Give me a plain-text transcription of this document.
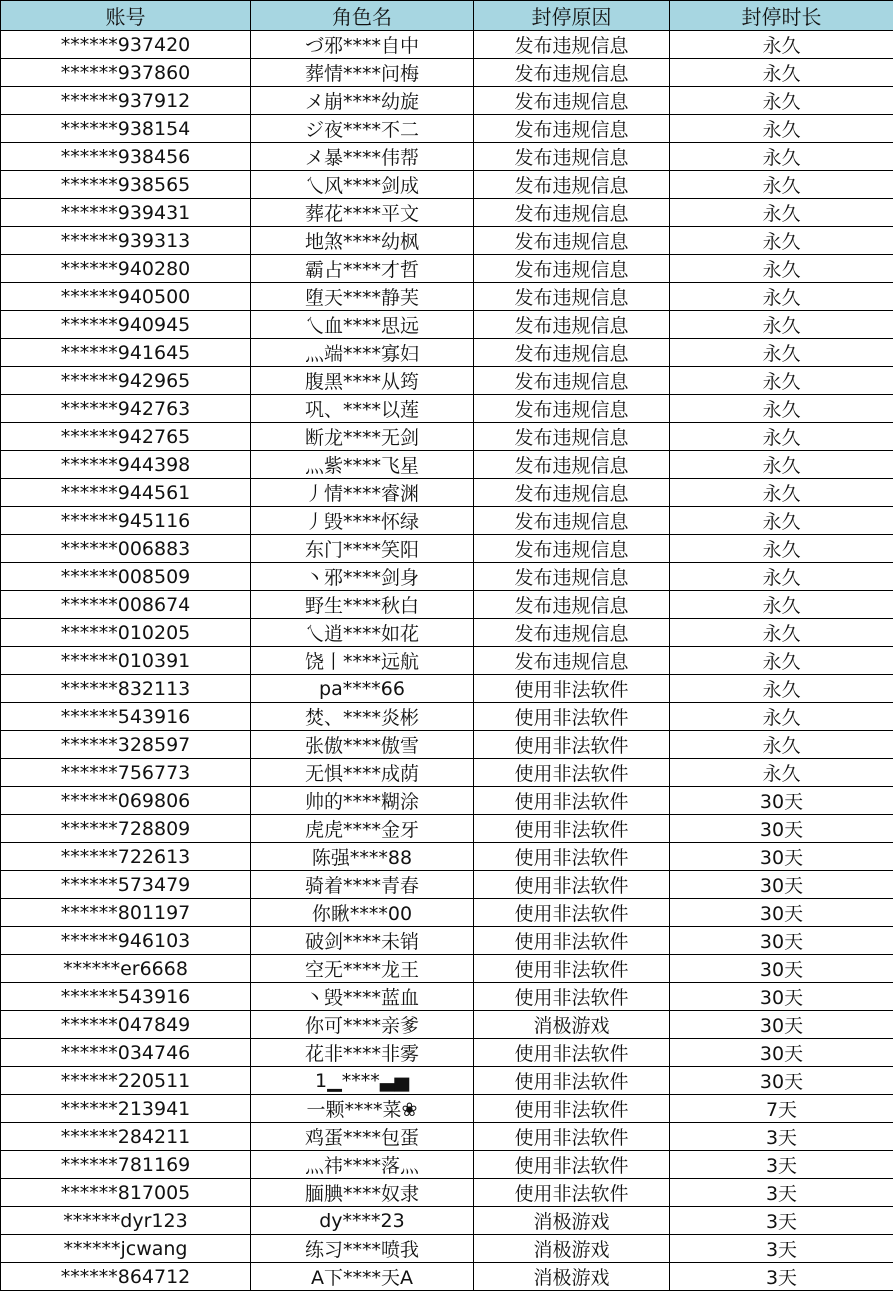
账号	角色名	封停原因	封停时长
******937420	づ邪****自中	发布违规信息	永久
******937860	葬情****问梅	发布违规信息	永久
******937912	メ崩****幼旋	发布违规信息	永久
******938154	ジ夜****不二	发布违规信息	永久
******938456	メ暴****伟帮	发布违规信息	永久
******938565	乀风****剑成	发布违规信息	永久
******939431	葬花****平文	发布违规信息	永久
******939313	地煞****幼枫	发布违规信息	永久
******940280	霸占****才哲	发布违规信息	永久
******940500	堕天****静芙	发布违规信息	永久
******940945	乀血****思远	发布违规信息	永久
******941645	灬端****寡妇	发布违规信息	永久
******942965	腹黑****从筠	发布违规信息	永久
******942763	巩、****以莲	发布违规信息	永久
******942765	断龙****无剑	发布违规信息	永久
******944398	灬紫****飞星	发布违规信息	永久
******944561	丿情****睿渊	发布违规信息	永久
******945116	丿毁****怀绿	发布违规信息	永久
******006883	东门****笑阳	发布违规信息	永久
******008509	丶邪****剑身	发布违规信息	永久
******008674	野生****秋白	发布违规信息	永久
******010205	乀逍****如花	发布违规信息	永久
******010391	饶丨****远航	发布违规信息	永久
******832113	pa****66	使用非法软件	永久
******543916	焚、****炎彬	使用非法软件	永久
******328597	张傲****傲雪	使用非法软件	永久
******756773	无惧****成荫	使用非法软件	永久
******069806	帅的****糊涂	使用非法软件	30天
******728809	虎虎****金牙	使用非法软件	30天
******722613	陈强****88	使用非法软件	30天
******573479	骑着****青春	使用非法软件	30天
******801197	你瞅****00	使用非法软件	30天
******946103	破剑****未销	使用非法软件	30天
******er6668	空无****龙王	使用非法软件	30天
******543916	丶毁****蓝血	使用非法软件	30天
******047849	你可****亲爹	消极游戏	30天
******034746	花非****非雾	使用非法软件	30天
******220511	1▁****▃▅	使用非法软件	30天
******213941	一颗****菜❀	使用非法软件	7天
******284211	鸡蛋****包蛋	使用非法软件	3天
******781169	灬祎****落灬	使用非法软件	3天
******817005	腼腆****奴隶	使用非法软件	3天
******dyr123	dy****23	消极游戏	3天
******jcwang	练习****喷我	消极游戏	3天
******864712	A下****天A	消极游戏	3天
